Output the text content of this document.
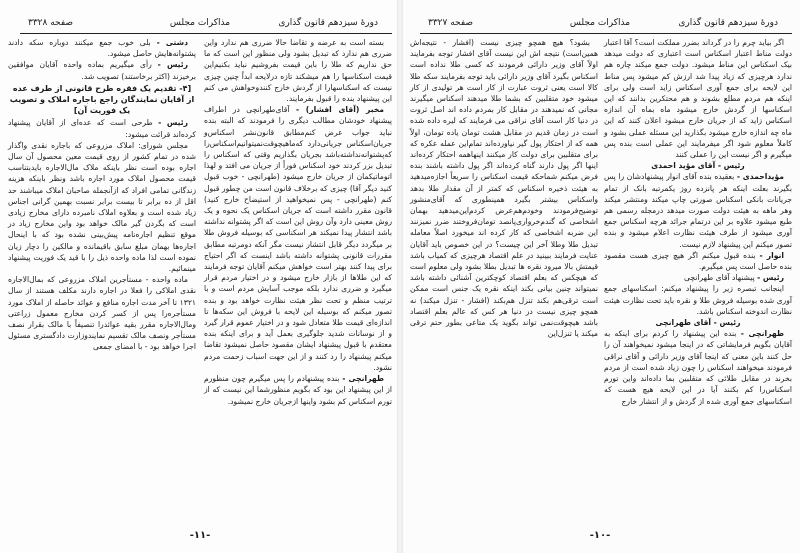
دورهٔ سیزدهم قانون گذاری
مذاکرات مجلس
صفحه ۳۳۲۸

بسته است به عرضه و تقاضا حالا ضرری هم ندارد واین ضرری هم ندارد که تبدیل بشود ولی منظور این است که ما حق نداریم که طلا را باین قیمت بفروشیم نباید بکنیم‌این قیمت اسکناسها را هم میشکند تازه درلایحه ابداً چنین چیزی نیست که اسکناسهارا از گردش خارج کنندوخواهش می کنم این پیشنهاد بنده را قبول بفرمایند.

مخبر (آقای افشار) - آقای‌طهرانچی در اطراف پیشنهاد خودشان مطالب دیگری را فرمودند که البته بنده نباید جواب عرض کنم‌مطابق قانون‌نشر اسکناس‌و جریان‌اسکناس جریانی‌دارد که‌ماهیچوقت‌نمیتوانیم‌اسکناس‌را که‌پشتوانه‌نداشته‌باشد بجریان بگذاریم وقتی که اسکناس را تبدیل بزر کردند خود اسکناس فوراً از جریان می افتد و لهذا اتوماتیکمان از جریان خارج میشود (طهرانچی - خوب قبول کنید دیگر آقا) چیزی که برخلاف قانون است من چطور قبول کنم (طهرانچی - پس نمیخواهید از استیضاح خارج کنید) قانون مقرر داشته است که جریان اسکناس یک نحوه و یک روش معینی دارد وآن روش این است که اگر پشتوانه نداشته باشد انتشار پیدا نمیکند هر اسکناسی که بوسیله فروش طلا بر میگردد دیگر قابل انتشار نیست مگر آنکه دومرتبه مطابق مقررات قانونی پشتوانه داشته باشد اینست که اگر احتیاج برای پیدا کنند بهتر است خواهش میکنم آقایان توجه فرمایند که این طلاها از بازار خارج میشود و در اختیار مردم قرار میگیرد و ضرری ندارد بلکه موجب آسایش مردم است و با ترتیب منظم و تحت نظر هیئت نظارت خواهد بود و بنده تصور میکنم که بوسیله این لایحه با فروش این سکه‌ها تا اندازه‌ای قیمت طلا متعادل شود و در اختیار عموم قرار گیرد و از نوسانات شدید جلوگیری بعمل آید و برای اینکه بنده معتقدم با قبول پیشنهاد ایشان مقصود حاصل نمیشود تقاضا میکنم پیشنهاد را رد کنند و از این جهت اسباب زحمت مردم نشود.

طهرانچی - بنده پیشنهادم را پس میگیرم چون منظورم از این پیشنهاد این بود که بگویم منظورشما این نیست که از تورم اسکناس کم بشود واینها ازجریان خارج نمیشود.

دشتی - بلی خوب جمع میکنند دوباره سکه دادند پشتوانه‌هایش حاصل میشود.

رئیس - رأی میگیریم بماده واحده آقایان موافقین برخیزند (اکثر برخاستند) تصویب شد.

[۴- تقدیم یک فقره طرح قانونی از طرف عده از آقایان نمایندگان راجع باجاره املاک و تصویب یک فوریت آن]

رئیس - طرحی است که عده‌ای از آقایان پیشنهاد کرده‌اند قرائت میشود:

مجلس شورای: املاک مزروعی که باجاره نقدی واگذار شده در تمام کشور از روی قیمت معین محصول آن سال اجاره بوده است نظر باینکه ملاک مال‌الاجاره بایدبتناسب قیمت محصول املاک مورد اجاره باشد ونظر باینکه هزینه زندگانی تمامی افراد که ازآنجمله صاحبان املاک میباشند حد اقل از ده برابر تا بیست برابر نسبت بهمین گرانی اجناس زیاد شده است و بعلاوه املاک نامبرده دارای مخارج زیادی است که بگردن گیر مالک خواهد بود واین مخارج زیاد در موقع تنظیم اجاره‌نامه پیش‌بینی نشده بود که با اینحال اجاره‌ها بهمان مبلغ سابق باقیمانده و مالکین را دچار زیان نموده است لذا ماده واحده ذیل را با قید یک فوریت پیشنهاد مینمائیم.

ماده واحده - مستأجرین املاک مزروعی که بمال‌الاجاره نقدی املاکی را فعلا در اجاره دارند مکلف هستند از سال ۱۳۲۱ تا آخر مدت اجاره منافع و عوائد حاصله از املاک مورد مستأجره‌را پس از کسر کردن مخارج معمول زراعتی ومال‌الاجاره مقرر بقیه عوائدرا تنصیفاً با مالک بقرار نصف مستأجر ونصف مالک تقسیم نمایندوزارت دادگستری مسئول اجرا خواهد بود - با امضای جمعی

-۱۱-
دورهٔ سیزدهم قانون گذاری
مذاکرات مجلس
صفحه ۳۳۲۷

اگر بیاید چرم را در گرداند بضرر مملکت است؟ آقا اعتبار دولت مناط اعتبار اسکناس است اعتباری که دولت میدهد بیک اسکناس این مناط میشود. دولت جمع میکند چاره هم ندارد هرچیزی که زیاد پیدا شد ارزش کم میشود پس مناط این لایحه برای جمع آوری اسکناس زاید است ولی برای اینکه هم مردم مطلع بشوند و هم محتکرین بدانند که این اسکناسها از گردش خارج میشود ماه بماه آن اندازه اسکناس زاید که از جریان خارج میشود اعلان کنند که این ماه چه اندازه خارج میشود بگذارید این مسئله عملی بشود و کاملاً معلوم شود اگر میفرمایند این عملی است بنده پس میگیرم و اگر نیست این را عملی کنند

رئیس - آقای مؤید احمدی

مؤیداحمدی - بعقیده بنده آقای انوار پیشنهادشان را پس بگیرند بعلت اینکه هر پانزده روز یکمرتبه بانک از تمام جریانات بانکی اسکناس صورتی چاپ میکند ومنتشر میکند وهر ماهه به هیئت دولت صورت میدهد درمجله رسمی هم طبع میشود علاوه بر این درتمام جرائد هرچه اسکناس جمع آوری میشود از طرف هیئت نظارت اعلام میشود و بنده تصور میکنم این پیشنهاد لازم نیست.

انوار - بنده قبول میکنم اگر هیچ چیزی هست مقصود بنده حاصل است پس میگیرم.

رئیس - پیشنهاد آقای طهرانچی

اینجانب تبصره زیر را پیشنهاد میکنم: اسکناسهای جمع آوری شده بوسیله فروش طلا و نقره باید تحت نظارت هیئت نظارت اندوخته اسکناس باشد.

رئیس - آقای طهرانچی

طهرانچی - بنده این پیشنهاد را کردم برای اینکه به آقایان بگویم فرمایشاتی که در اینجا میشود نمیخواهند آن را حل کنند باین معنی که اینجا آقای وزیر دارائی و آقای نراقی فرمودند میخواهند اسکناس را چون زیاد شده است از مردم بخرند در مقابل طلائی که متقلبین بما داده‌اند واین تورم اسکناس‌را کم بکنند آیا در این لایحه هیچ هست که اسکناسهای جمع آوری شده از گردش و از انتشار خارج

بشود؟ هیچ همچو چیزی نیست (افشار - نتیجه‌اش همین‌است) نتیجه اش این نیست آقای افشار توجه بفرمایند اولاً آقای وزیر دارائی فرمودند که کسی طلا نداده است اسکناس بگیرد آقای وزیر دارائی باید توجه بفرمایند سکه طلا کالا است یعنی ثروت عبارت از کار است هر تولیدی از کار میشود خود متقلبین که بشما طلا میدهند اسکناس میگیرند مجانی که نمیدهند در مقابل کار بمردم داده اند اصل ثروت در دنیا کار است آقای نراقی می فرمایند که لیره داده شده است در زمان قدیم در مقابل هشت تومان یاده تومان، اولاً همه که از احتکار پول گیر نیاورده‌اند تمام‌این عمله‌ عکره که برای متقلبین برای دولت کار میکنند اینها‌همه احتکار کرده‌اند اینها اگر پول دارند گناه کرده‌اند اگر پول داشته باشند بنده فرض میکنم شماحکه قیمت اسکناس را سریعاً اجازه‌میدهید به هیئت ذخیره اسکناس که کمتر از آن مقدار طلا بدهد واسکناس بیشتر بگیرد همینطوری که آقای‌منشور توضیح‌فرمودند وخودم‌هم‌عرض کردم‌این‌میدهید بهمان اشخاصی که گندم‌خرواری‌پانصد تومان‌فروختند ضرر نمیزنند این ضربه اشخاصی که کار کرده اند میخورد اصلاً معامله تبدیل طلا وطلا آخر این چیست؟ در این خصوص باید آقایان عنایت فرمایند ببینید در علم اقتصاد هرچیزی که کمیاب باشد قیمتش بالا میرود نقره ها تبدیل بطلا بشود ولی معلوم است که هیچکس که بعلم اقتصاد کوچکترین آشنائی داشته باشد نمیتواند چنین بیانی بکند اینکه نقره یک جنس است ممکن است ترقی‌هم بکند تنزل هم‌بکند (افشار - تنزل میکند) نه همچو چیزی نیست در دنیا هر کس که عالم بعلم اقتصاد باشد هیچوقت‌نمی تواند بگوید یک متاعی بطور حتم ترقی میکند یا تنزل‌این

-۱۰-
